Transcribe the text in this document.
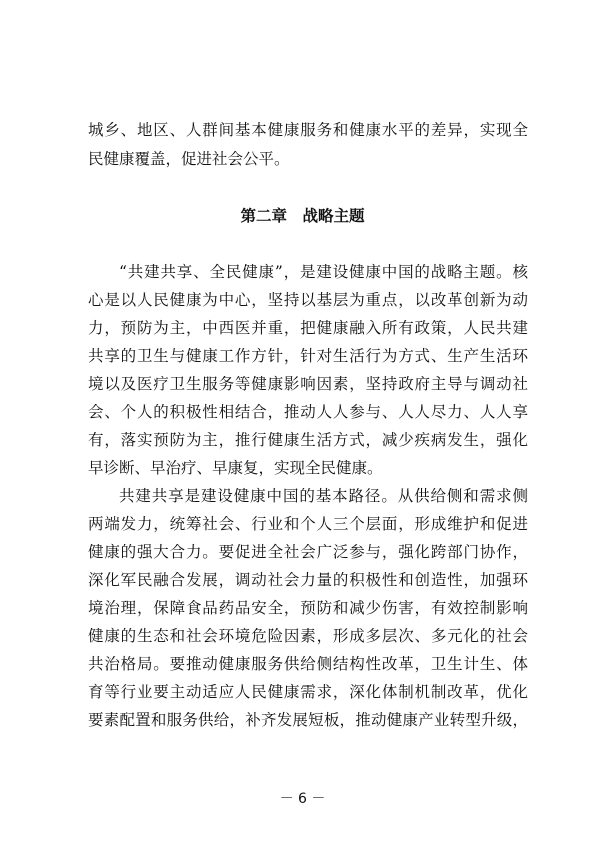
城乡、地区、人群间基本健康服务和健康水平的差异，实现全
民健康覆盖，促进社会公平。
第二章　战略主题
“共建共享、全民健康”，是建设健康中国的战略主题。核
心是以人民健康为中心，坚持以基层为重点，以改革创新为动
力，预防为主，中西医并重，把健康融入所有政策，人民共建
共享的卫生与健康工作方针，针对生活行为方式、生产生活环
境以及医疗卫生服务等健康影响因素，坚持政府主导与调动社
会、个人的积极性相结合，推动人人参与、人人尽力、人人享
有，落实预防为主，推行健康生活方式，减少疾病发生，强化
早诊断、早治疗、早康复，实现全民健康。
共建共享是建设健康中国的基本路径。从供给侧和需求侧
两端发力，统筹社会、行业和个人三个层面，形成维护和促进
健康的强大合力。要促进全社会广泛参与，强化跨部门协作，
深化军民融合发展，调动社会力量的积极性和创造性，加强环
境治理，保障食品药品安全，预防和减少伤害，有效控制影响
健康的生态和社会环境危险因素，形成多层次、多元化的社会
共治格局。要推动健康服务供给侧结构性改革，卫生计生、体
育等行业要主动适应人民健康需求，深化体制机制改革，优化
要素配置和服务供给，补齐发展短板，推动健康产业转型升级，
－ 6 －
